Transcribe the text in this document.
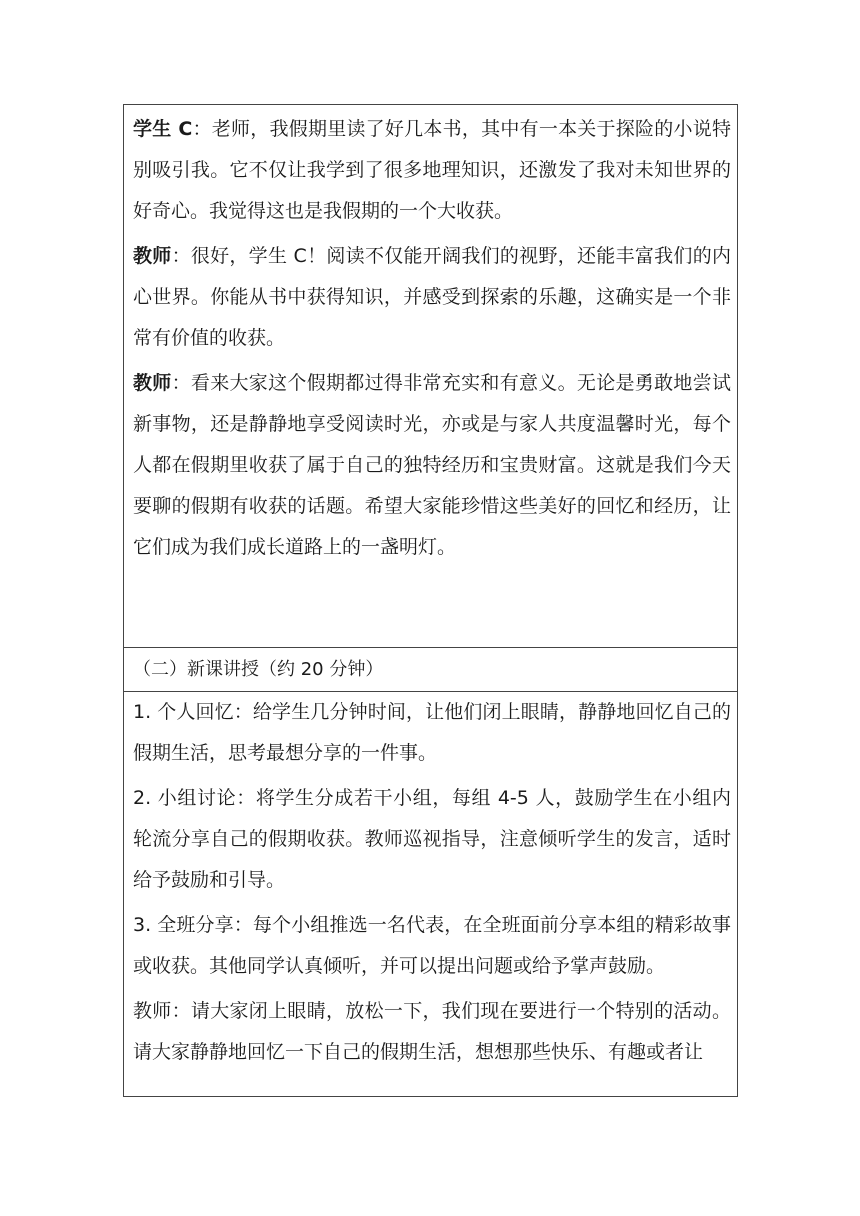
学生 C：老师，我假期里读了好几本书，其中有一本关于探险的小说特别吸引我。它不仅让我学到了很多地理知识，还激发了我对未知世界的好奇心。我觉得这也是我假期的一个大收获。

教师：很好，学生 C！阅读不仅能开阔我们的视野，还能丰富我们的内心世界。你能从书中获得知识，并感受到探索的乐趣，这确实是一个非常有价值的收获。

教师：看来大家这个假期都过得非常充实和有意义。无论是勇敢地尝试新事物，还是静静地享受阅读时光，亦或是与家人共度温馨时光，每个人都在假期里收获了属于自己的独特经历和宝贵财富。这就是我们今天要聊的假期有收获的话题。希望大家能珍惜这些美好的回忆和经历，让它们成为我们成长道路上的一盏明灯。

（二）新课讲授（约 20 分钟）

1. 个人回忆：给学生几分钟时间，让他们闭上眼睛，静静地回忆自己的假期生活，思考最想分享的一件事。

2. 小组讨论：将学生分成若干小组，每组 4-5 人，鼓励学生在小组内轮流分享自己的假期收获。教师巡视指导，注意倾听学生的发言，适时给予鼓励和引导。

3. 全班分享：每个小组推选一名代表，在全班面前分享本组的精彩故事或收获。其他同学认真倾听，并可以提出问题或给予掌声鼓励。

教师：请大家闭上眼睛，放松一下，我们现在要进行一个特别的活动。请大家静静地回忆一下自己的假期生活，想想那些快乐、有趣或者让
